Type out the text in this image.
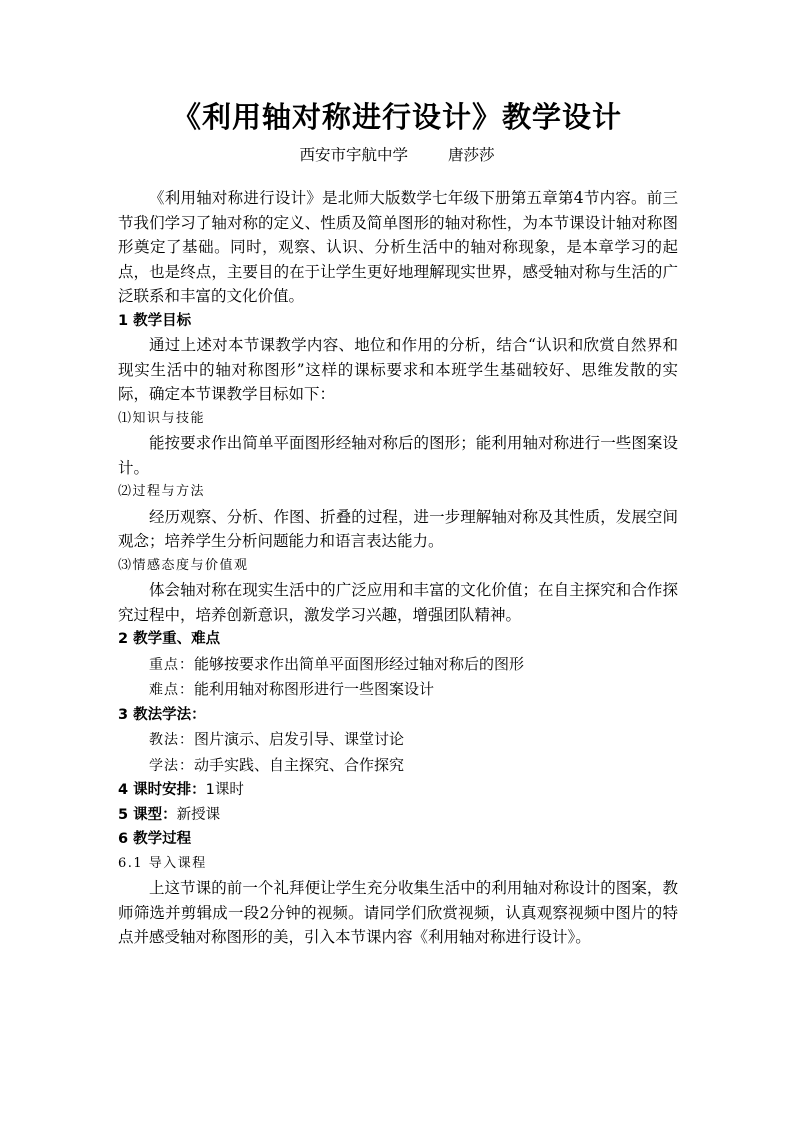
《利用轴对称进行设计》教学设计
西安市宇航中学	唐莎莎

《利用轴对称进行设计》是北师大版数学七年级下册第五章第4节内容。前三节我们学习了轴对称的定义、性质及简单图形的轴对称性，为本节课设计轴对称图形奠定了基础。同时，观察、认识、分析生活中的轴对称现象，是本章学习的起点，也是终点，主要目的在于让学生更好地理解现实世界，感受轴对称与生活的广泛联系和丰富的文化价值。

1 教学目标

通过上述对本节课教学内容、地位和作用的分析，结合“认识和欣赏自然界和现实生活中的轴对称图形”这样的课标要求和本班学生基础较好、思维发散的实际，确定本节课教学目标如下：

⑴知识与技能

能按要求作出简单平面图形经轴对称后的图形；能利用轴对称进行一些图案设计。

⑵过程与方法

经历观察、分析、作图、折叠的过程，进一步理解轴对称及其性质，发展空间观念；培养学生分析问题能力和语言表达能力。

⑶情感态度与价值观

体会轴对称在现实生活中的广泛应用和丰富的文化价值；在自主探究和合作探究过程中，培养创新意识，激发学习兴趣，增强团队精神。

2 教学重、难点

重点：能够按要求作出简单平面图形经过轴对称后的图形

难点：能利用轴对称图形进行一些图案设计

3 教法学法：

教法：图片演示、启发引导、课堂讨论

学法：动手实践、自主探究、合作探究

4 课时安排：1课时

5 课型：新授课

6 教学过程

6.1 导入课程

上这节课的前一个礼拜便让学生充分收集生活中的利用轴对称设计的图案，教师筛选并剪辑成一段2分钟的视频。请同学们欣赏视频，认真观察视频中图片的特点并感受轴对称图形的美，引入本节课内容《利用轴对称进行设计》。
